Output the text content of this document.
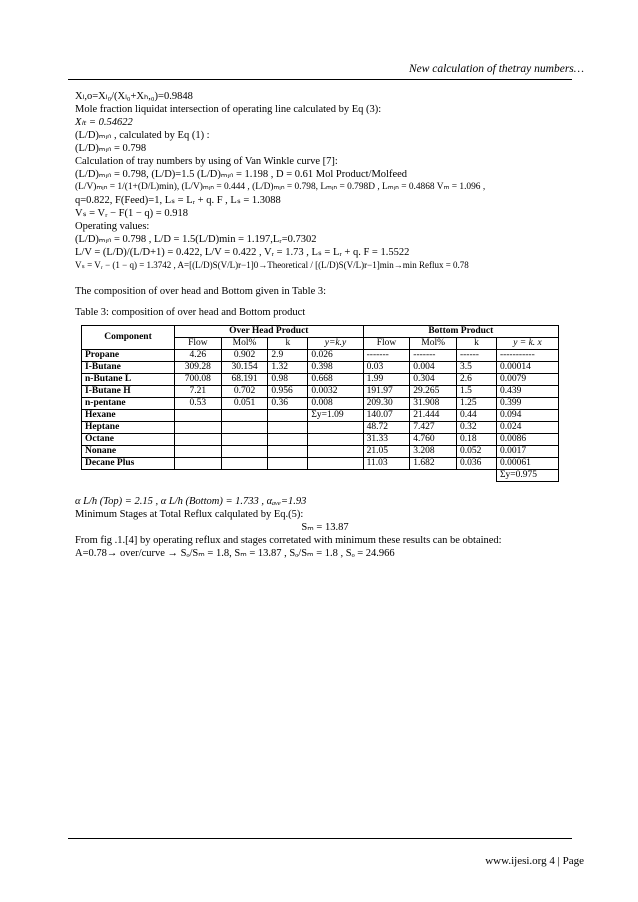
New calculation of thetray numbers…
Xₗ,o=Xₗ₀/(Xₗ₀+Xₕ,₀)=0.9848
Mole fraction liquidat intersection of operating line calculated by Eq (3):
Xₗₜ = 0.54622
(L/D)ₘᵢₙ , calculated by Eq (1) :
(L/D)ₘᵢₙ = 0.798
Calculation of tray numbers by using of Van Winkle curve [7]:
(L/D)ₘᵢₙ = 0.798, (L/D)=1.5 (L/D)ₘᵢₙ = 1.198 , D = 0.61 Mol Product/Molfeed
(L/V)ₘᵢₙ = 1/(1+(D/L)min), (L/V)ₘᵢₙ = 0.444 , (L/D)ₘᵢₙ = 0.798, Lₘᵢₙ = 0.798D , Lₘᵢₙ = 0.4868 Vₘ = 1.096 ,
q=0.822, F(Feed)=1, Lₛ = Lᵣ + q. F , Lₛ = 1.3088
Vₛ = Vᵣ − F(1 − q) = 0.918
Operating values:
(L/D)ₘᵢₙ = 0.798 , L/D = 1.5(L/D)min = 1.197,Lᵣ=0.7302
L/V = (L/D)/(L/D+1) = 0.422, L/V = 0.422 , Vᵣ = 1.73 , Lₛ = Lᵣ + q. F = 1.5522
Vₛ = Vᵣ − (1 − q) = 1.3742 , A=[(L/D)S(V/L)r−1]0→Theoretical / [(L/D)S(V/L)r−1]min→min Reflux = 0.78
The composition of over head and Bottom given in Table 3:
Table 3: composition of over head and Bottom product
Component	Over Head Product				Bottom Product			
	Flow	Mol%	k	y=k.y	Flow	Mol%	k	y = k. x
Propane	4.26	0.902	2.9	0.026	-------	-------	------	-----------
I-Butane	309.28	30.154	1.32	0.398	0.03	0.004	3.5	0.00014
n-Butane L	700.08	68.191	0.98	0.668	1.99	0.304	2.6	0.0079
I-Butane H	7.21	0.702	0.956	0.0032	191.97	29.265	1.5	0.439
n-pentane	0.53	0.051	0.36	0.008	209.30	31.908	1.25	0.399
Hexane				Σy=1.09	140.07	21.444	0.44	0.094
Heptane					48.72	7.427	0.32	0.024
Octane					31.33	4.760	0.18	0.0086
Nonane					21.05	3.208	0.052	0.0017
Decane Plus					11.03	1.682	0.036	0.00061
								Σy=0.975
α L/h (Top) = 2.15 , α L/h (Bottom) = 1.733 , αₐᵥₑ=1.93
Minimum Stages at Total Reflux calqulated by Eq.(5):
Sₘ = 13.87
From fig .1.[4] by operating reflux and stages corretated with minimum these results can be obtained:
A=0.78→ over/curve → Sₒ/Sₘ = 1.8, Sₘ = 13.87 , Sₒ/Sₘ = 1.8 , Sₒ = 24.966
www.ijesi.org 4 | Page
